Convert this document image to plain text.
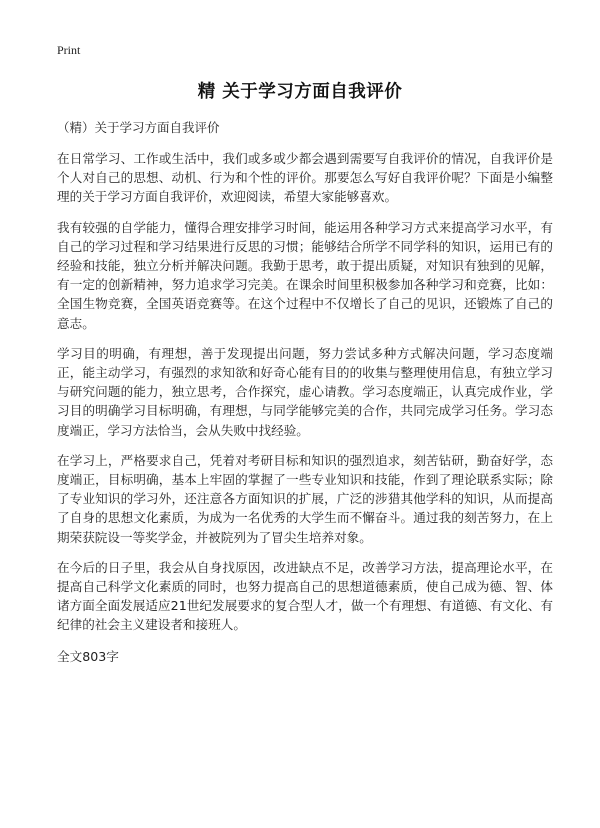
Print
精 关于学习方面自我评价
（精）关于学习方面自我评价

在日常学习、工作或生活中，我们或多或少都会遇到需要写自我评价的情况，自我评价是个人对自己的思想、动机、行为和个性的评价。那要怎么写好自我评价呢？下面是小编整理的关于学习方面自我评价，欢迎阅读，希望大家能够喜欢。

我有较强的自学能力，懂得合理安排学习时间，能运用各种学习方式来提高学习水平，有自己的学习过程和学习结果进行反思的习惯；能够结合所学不同学科的知识，运用已有的经验和技能，独立分析并解决问题。我勤于思考，敢于提出质疑，对知识有独到的见解，有一定的创新精神，努力追求学习完美。在课余时间里积极参加各种学习和竞赛，比如：全国生物竞赛，全国英语竞赛等。在这个过程中不仅增长了自己的见识，还锻炼了自己的意志。

学习目的明确，有理想，善于发现提出问题，努力尝试多种方式解决问题，学习态度端正，能主动学习，有强烈的求知欲和好奇心能有目的的收集与整理使用信息，有独立学习与研究问题的能力，独立思考，合作探究，虚心请教。学习态度端正，认真完成作业，学习目的明确学习目标明确，有理想，与同学能够完美的合作，共同完成学习任务。学习态度端正，学习方法恰当，会从失败中找经验。

在学习上，严格要求自己，凭着对考研目标和知识的强烈追求，刻苦钻研，勤奋好学，态度端正，目标明确，基本上牢固的掌握了一些专业知识和技能，作到了理论联系实际；除了专业知识的学习外，还注意各方面知识的扩展，广泛的涉猎其他学科的知识，从而提高了自身的思想文化素质，为成为一名优秀的大学生而不懈奋斗。通过我的刻苦努力，在上期荣获院设一等奖学金，并被院列为了冒尖生培养对象。

在今后的日子里，我会从自身找原因，改进缺点不足，改善学习方法，提高理论水平，在提高自己科学文化素质的同时，也努力提高自己的思想道德素质，使自己成为德、智、体诸方面全面发展适应21世纪发展要求的复合型人才，做一个有理想、有道德、有文化、有纪律的社会主义建设者和接班人。

全文803字
